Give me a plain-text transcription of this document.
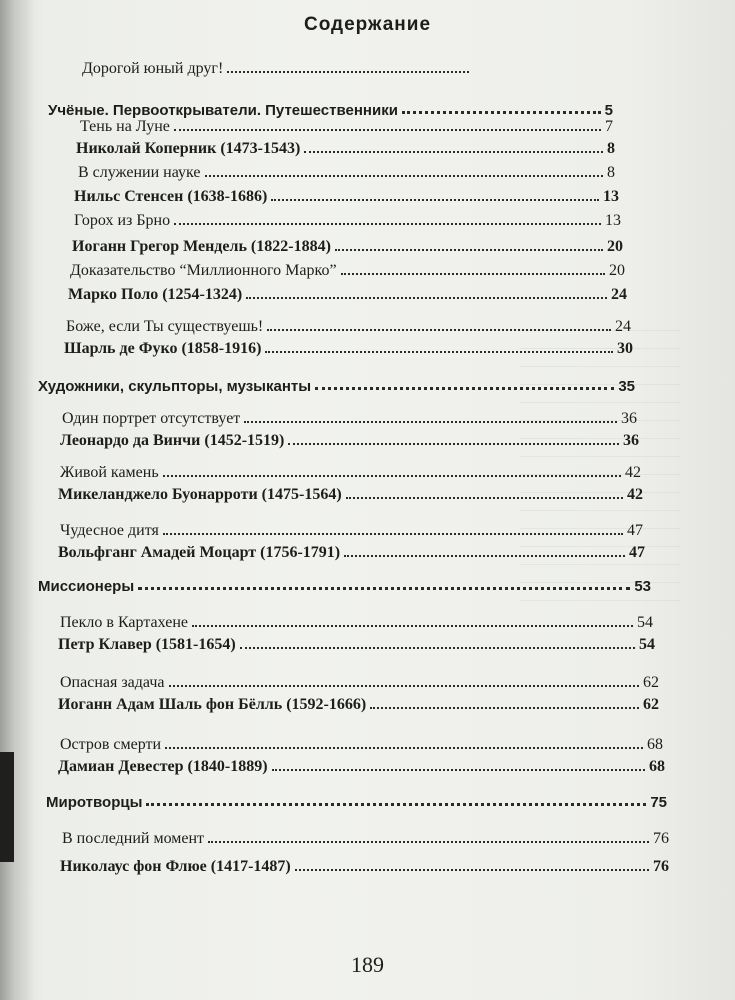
Содержание
Дорогой юный друг!
Учёные. Первооткрыватели. Путешественники	5
Тень на Луне	7
Николай Коперник (1473-1543)	8
В служении науке	8
Нильс Стенсен (1638-1686)	13
Горох из Брно	13
Иоганн Грегор Мендель (1822-1884)	20
Доказательство “Миллионного Марко”	20
Марко Поло (1254-1324)	24
Боже, если Ты существуешь!	24
Шарль де Фуко (1858-1916)	30
Художники, скульпторы, музыканты	35
Один портрет отсутствует	36
Леонардо да Винчи (1452-1519)	36
Живой камень	42
Микеланджело Буонарроти (1475-1564)	42
Чудесное дитя	47
Вольфганг Амадей Моцарт (1756-1791)	47
Миссионеры	53
Пекло в Картахене	54
Петр Клавер (1581-1654)	54
Опасная задача	62
Иоганн Адам Шаль фон Бёлль (1592-1666)	62
Остров смерти	68
Дамиан Девестер (1840-1889)	68
Миротворцы	75
В последний момент	76
Николаус фон Флюе (1417-1487)	76
189
